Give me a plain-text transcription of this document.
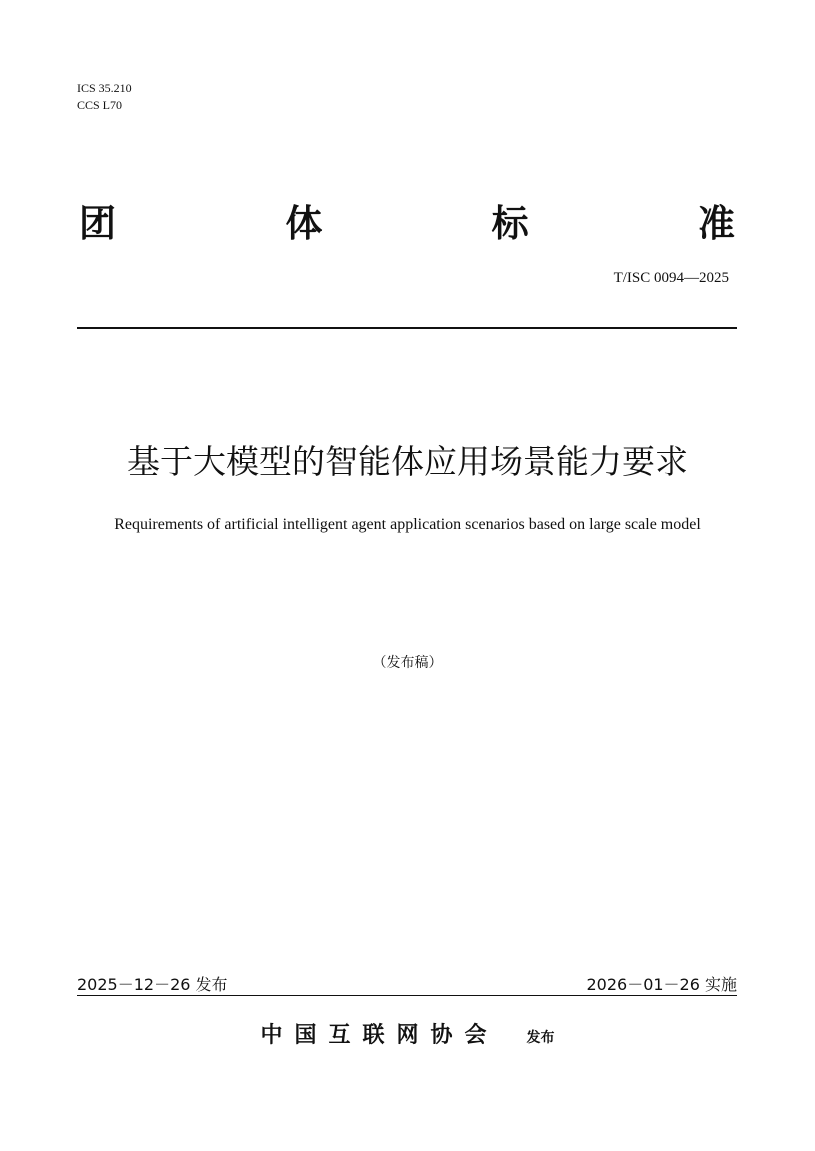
ICS 35.210
CCS L70
团	体	标	准
T/ISC 0094—2025
基于大模型的智能体应用场景能力要求
Requirements of artificial intelligent agent application scenarios based on large scale model
（发布稿）
2025－12－26 发布	2026－01－26 实施
中国互联网协会 发布
